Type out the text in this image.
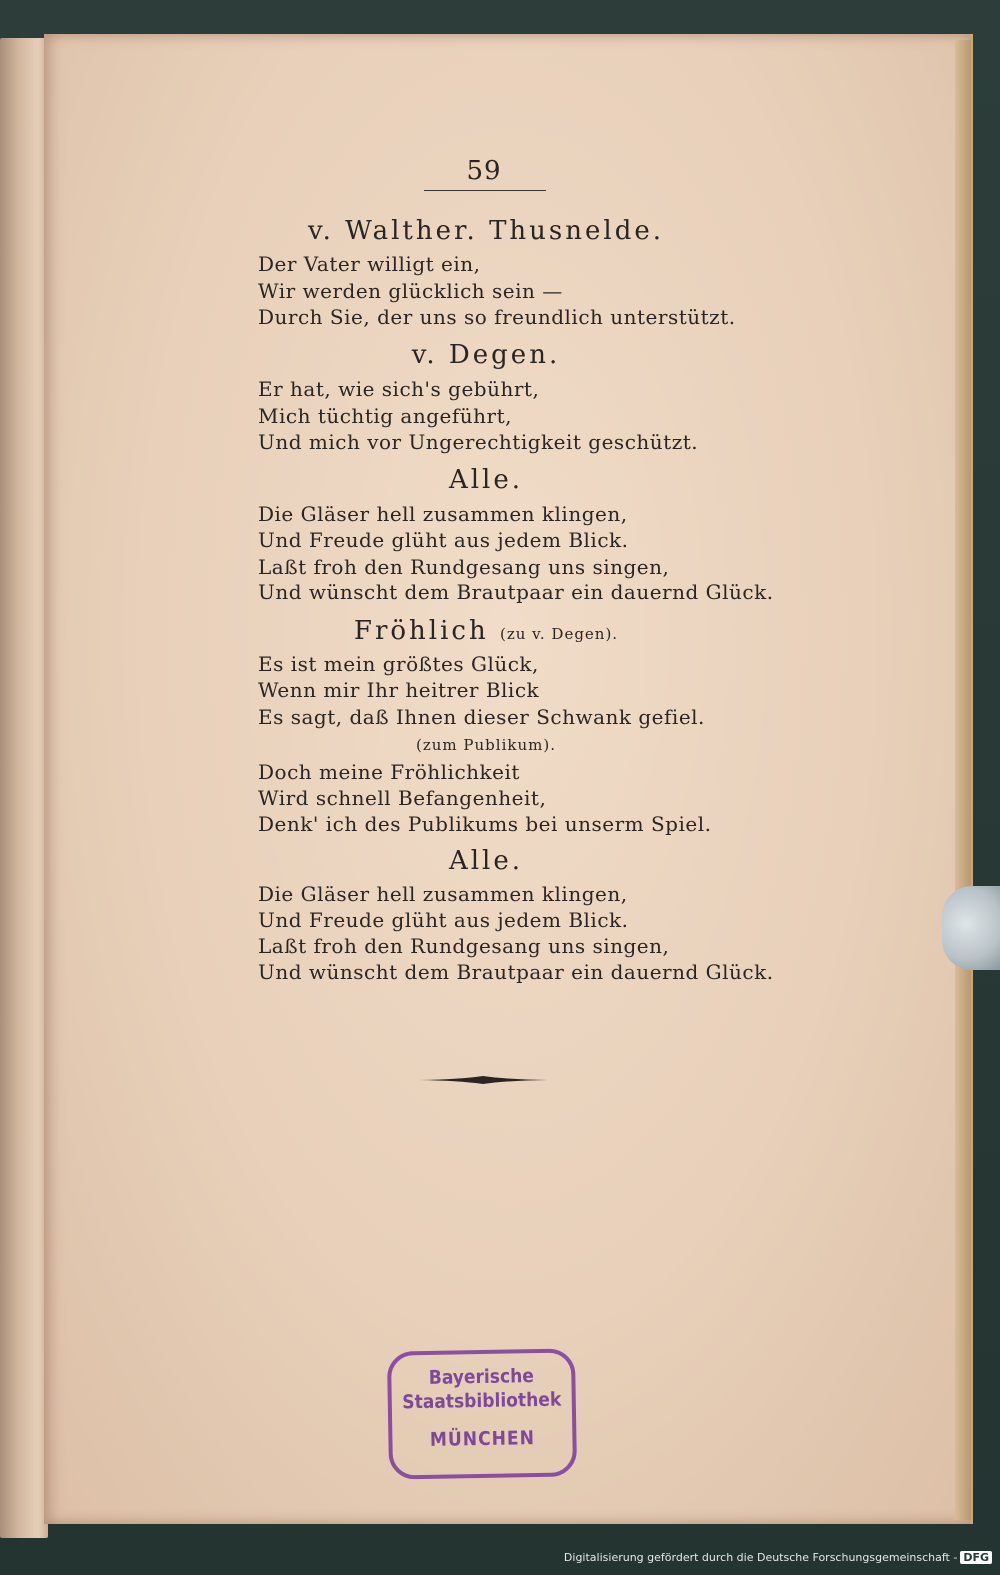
59
v. Walther. Thusnelde.
Der Vater willigt ein,
Wir werden glücklich sein —
Durch Sie, der uns so freundlich unterstützt.
v. Degen.
Er hat, wie sich's gebührt,
Mich tüchtig angeführt,
Und mich vor Ungerechtigkeit geschützt.
Alle.
Die Gläser hell zusammen klingen,
Und Freude glüht aus jedem Blick.
Laßt froh den Rundgesang uns singen,
Und wünscht dem Brautpaar ein dauernd Glück.
Fröhlich (zu v. Degen).
Es ist mein größtes Glück,
Wenn mir Ihr heitrer Blick
Es sagt, daß Ihnen dieser Schwank gefiel.
(zum Publikum).
Doch meine Fröhlichkeit
Wird schnell Befangenheit,
Denk' ich des Publikums bei unserm Spiel.
Alle.
Die Gläser hell zusammen klingen,
Und Freude glüht aus jedem Blick.
Laßt froh den Rundgesang uns singen,
Und wünscht dem Brautpaar ein dauernd Glück.
Bayerische
Staatsbibliothek
MÜNCHEN
Digitalisierung gefördert durch die Deutsche Forschungsgemeinschaft - DFG
